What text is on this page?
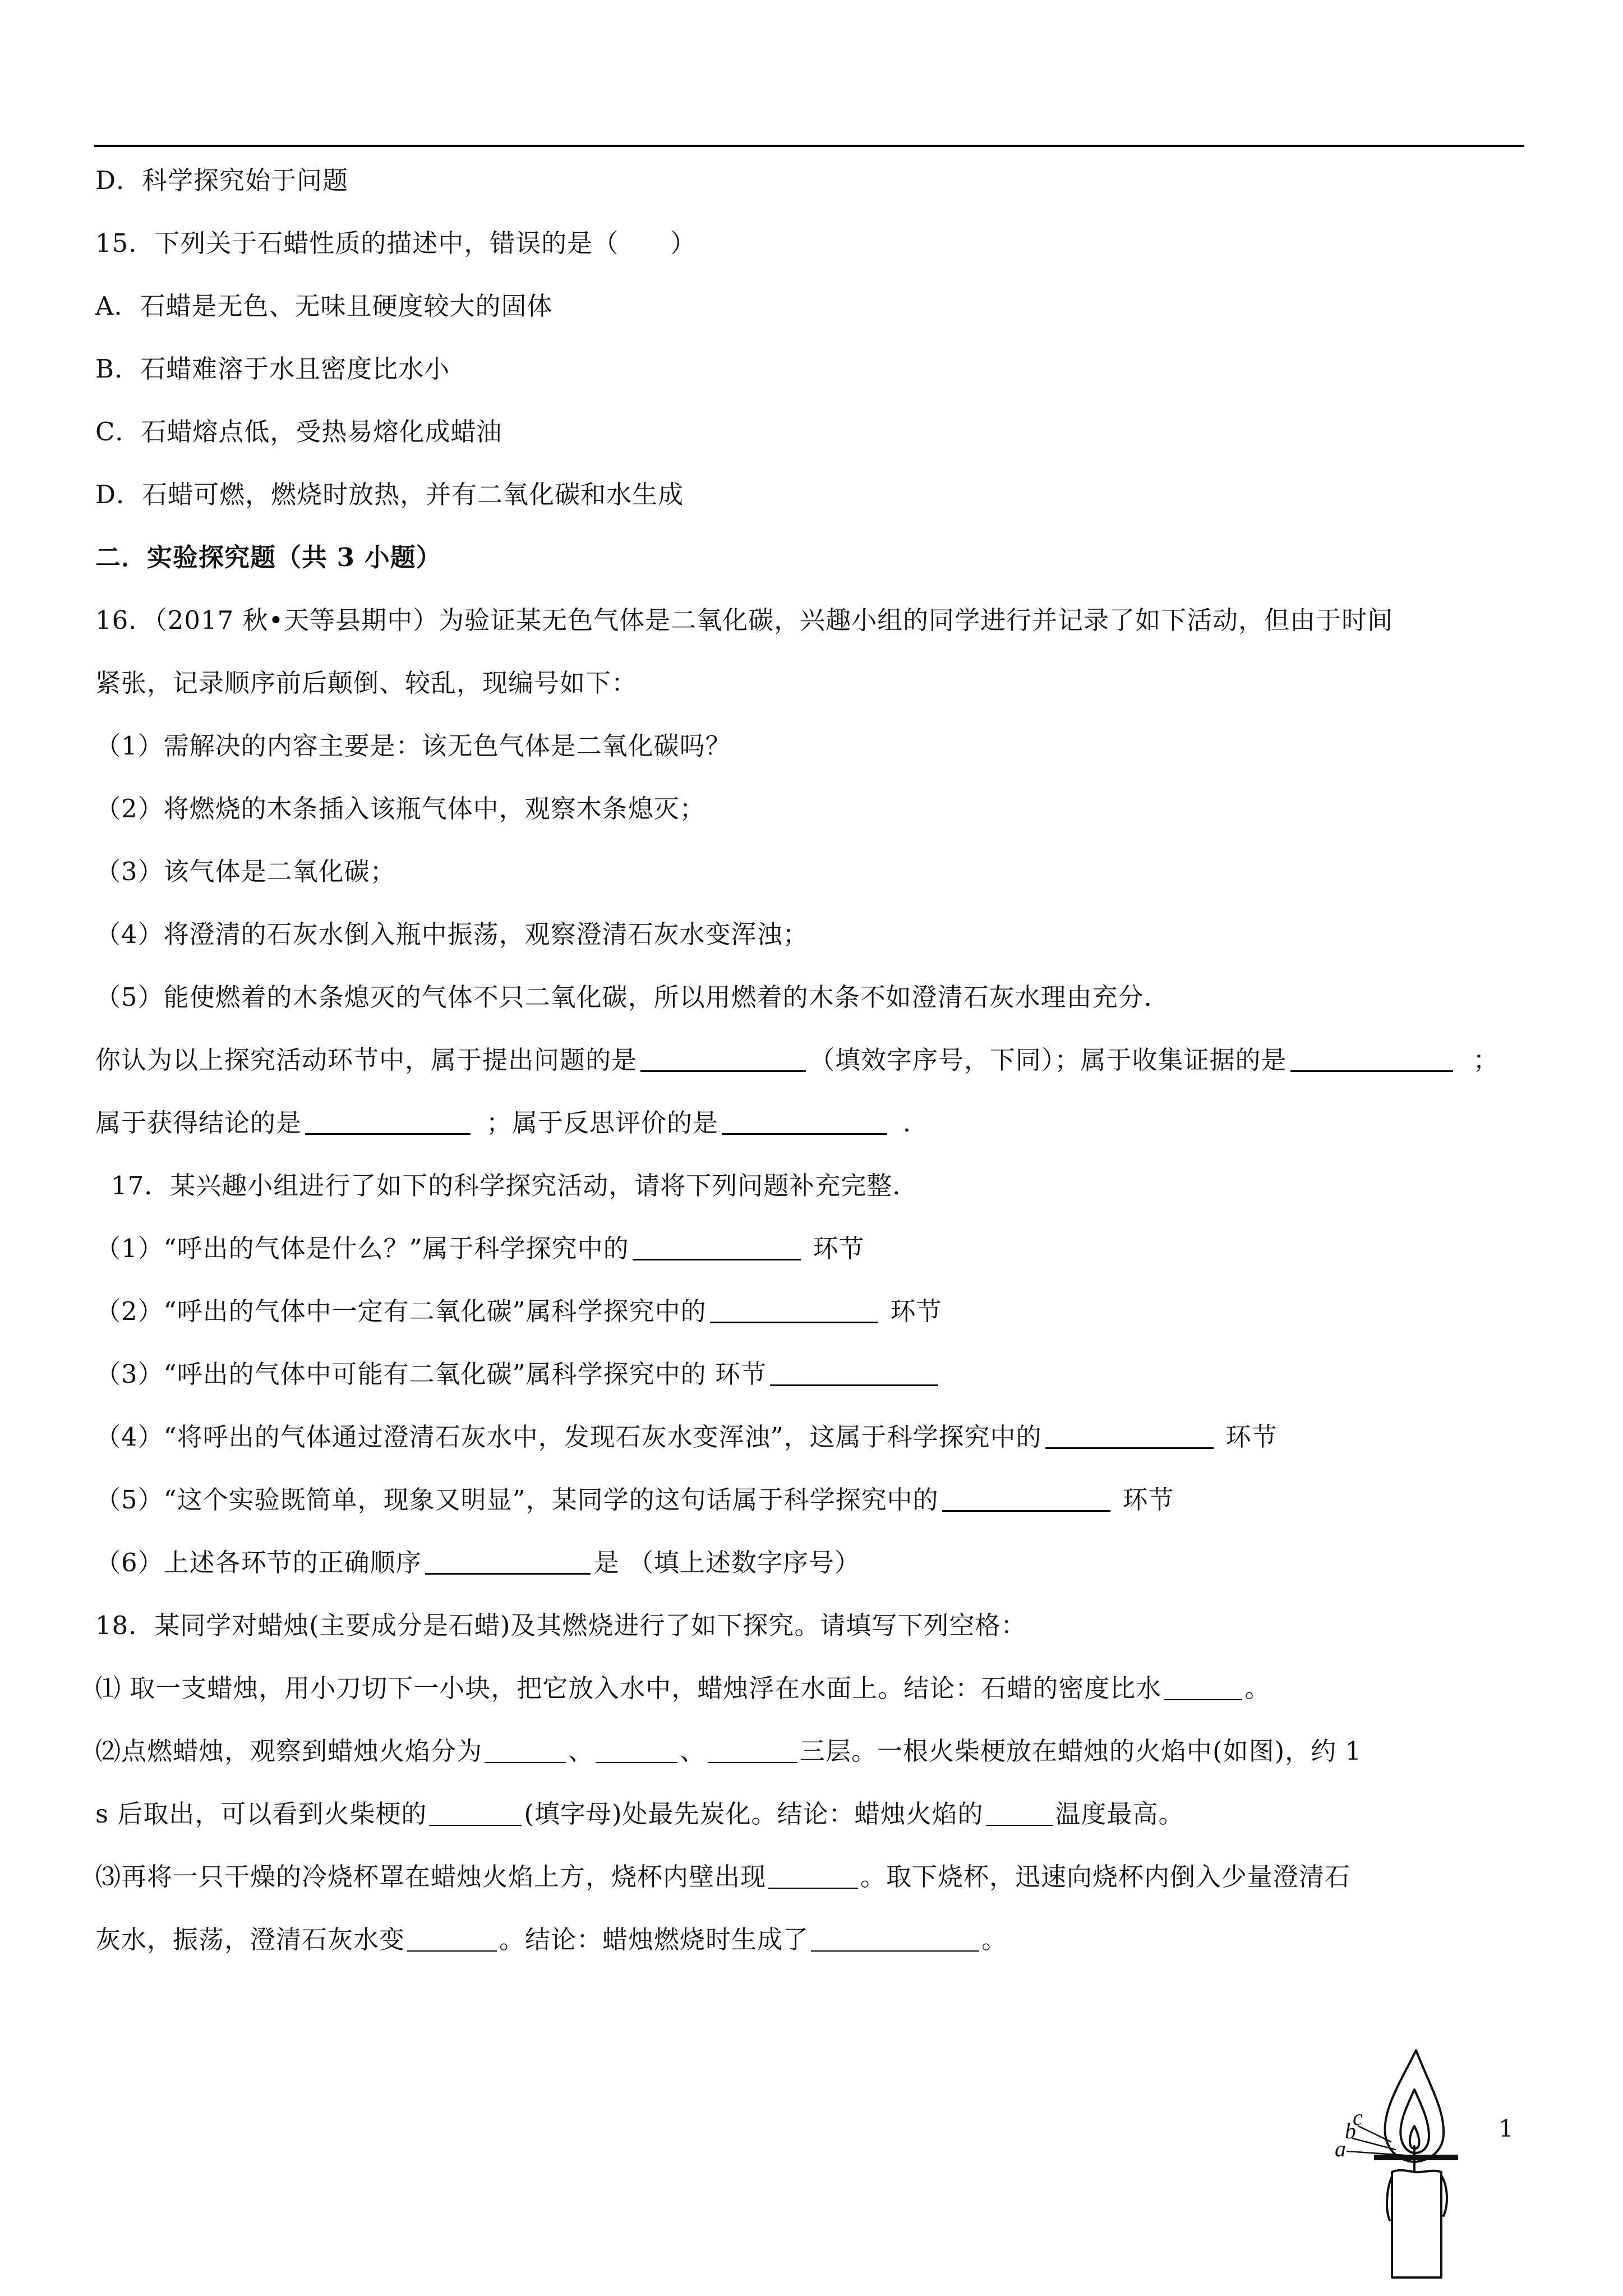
D．科学探究始于问题
15．下列关于石蜡性质的描述中，错误的是（　　）
A．石蜡是无色、无味且硬度较大的固体
B．石蜡难溶于水且密度比水小
C．石蜡熔点低，受热易熔化成蜡油
D．石蜡可燃，燃烧时放热，并有二氧化碳和水生成
二．实验探究题（共 3 小题）
16．（2017 秋•天等县期中）为验证某无色气体是二氧化碳，兴趣小组的同学进行并记录了如下活动，但由于时间
紧张，记录顺序前后颠倒、较乱，现编号如下：
（1）需解决的内容主要是：该无色气体是二氧化碳吗？
（2）将燃烧的木条插入该瓶气体中，观察木条熄灭；
（3）该气体是二氧化碳；
（4）将澄清的石灰水倒入瓶中振荡，观察澄清石灰水变浑浊；
（5）能使燃着的木条熄灭的气体不只二氧化碳，所以用燃着的木条不如澄清石灰水理由充分．
你认为以上探究活动环节中，属于提出问题的是	（填效字序号，下同）；属于收集证据的是	；
属于获得结论的是	；属于反思评价的是	．
17．某兴趣小组进行了如下的科学探究活动，请将下列问题补充完整．
（1）“呼出的气体是什么？”属于科学探究中的	环节
（2）“呼出的气体中一定有二氧化碳”属科学探究中的	环节
（3）“呼出的气体中可能有二氧化碳”属科学探究中的 环节
（4）“将呼出的气体通过澄清石灰水中，发现石灰水变浑浊”，这属于科学探究中的	环节
（5）“这个实验既简单，现象又明显”，某同学的这句话属于科学探究中的	环节
（6）上述各环节的正确顺序	是 （填上述数字序号）
18．某同学对蜡烛(主要成分是石蜡)及其燃烧进行了如下探究。请填写下列空格：
⑴ 取一支蜡烛，用小刀切下一小块，把它放入水中，蜡烛浮在水面上。结论：石蜡的密度比水	。
⑵点燃蜡烛，观察到蜡烛火焰分为	、	、	三层。一根火柴梗放在蜡烛的火焰中(如图)，约 1
s 后取出，可以看到火柴梗的	(填字母)处最先炭化。结论：蜡烛火焰的	温度最高。
⑶再将一只干燥的冷烧杯罩在蜡烛火焰上方，烧杯内壁出现	。取下烧杯，迅速向烧杯内倒入少量澄清石
灰水，振荡，澄清石灰水变	。结论：蜡烛燃烧时生成了	。
c
b
a
1
